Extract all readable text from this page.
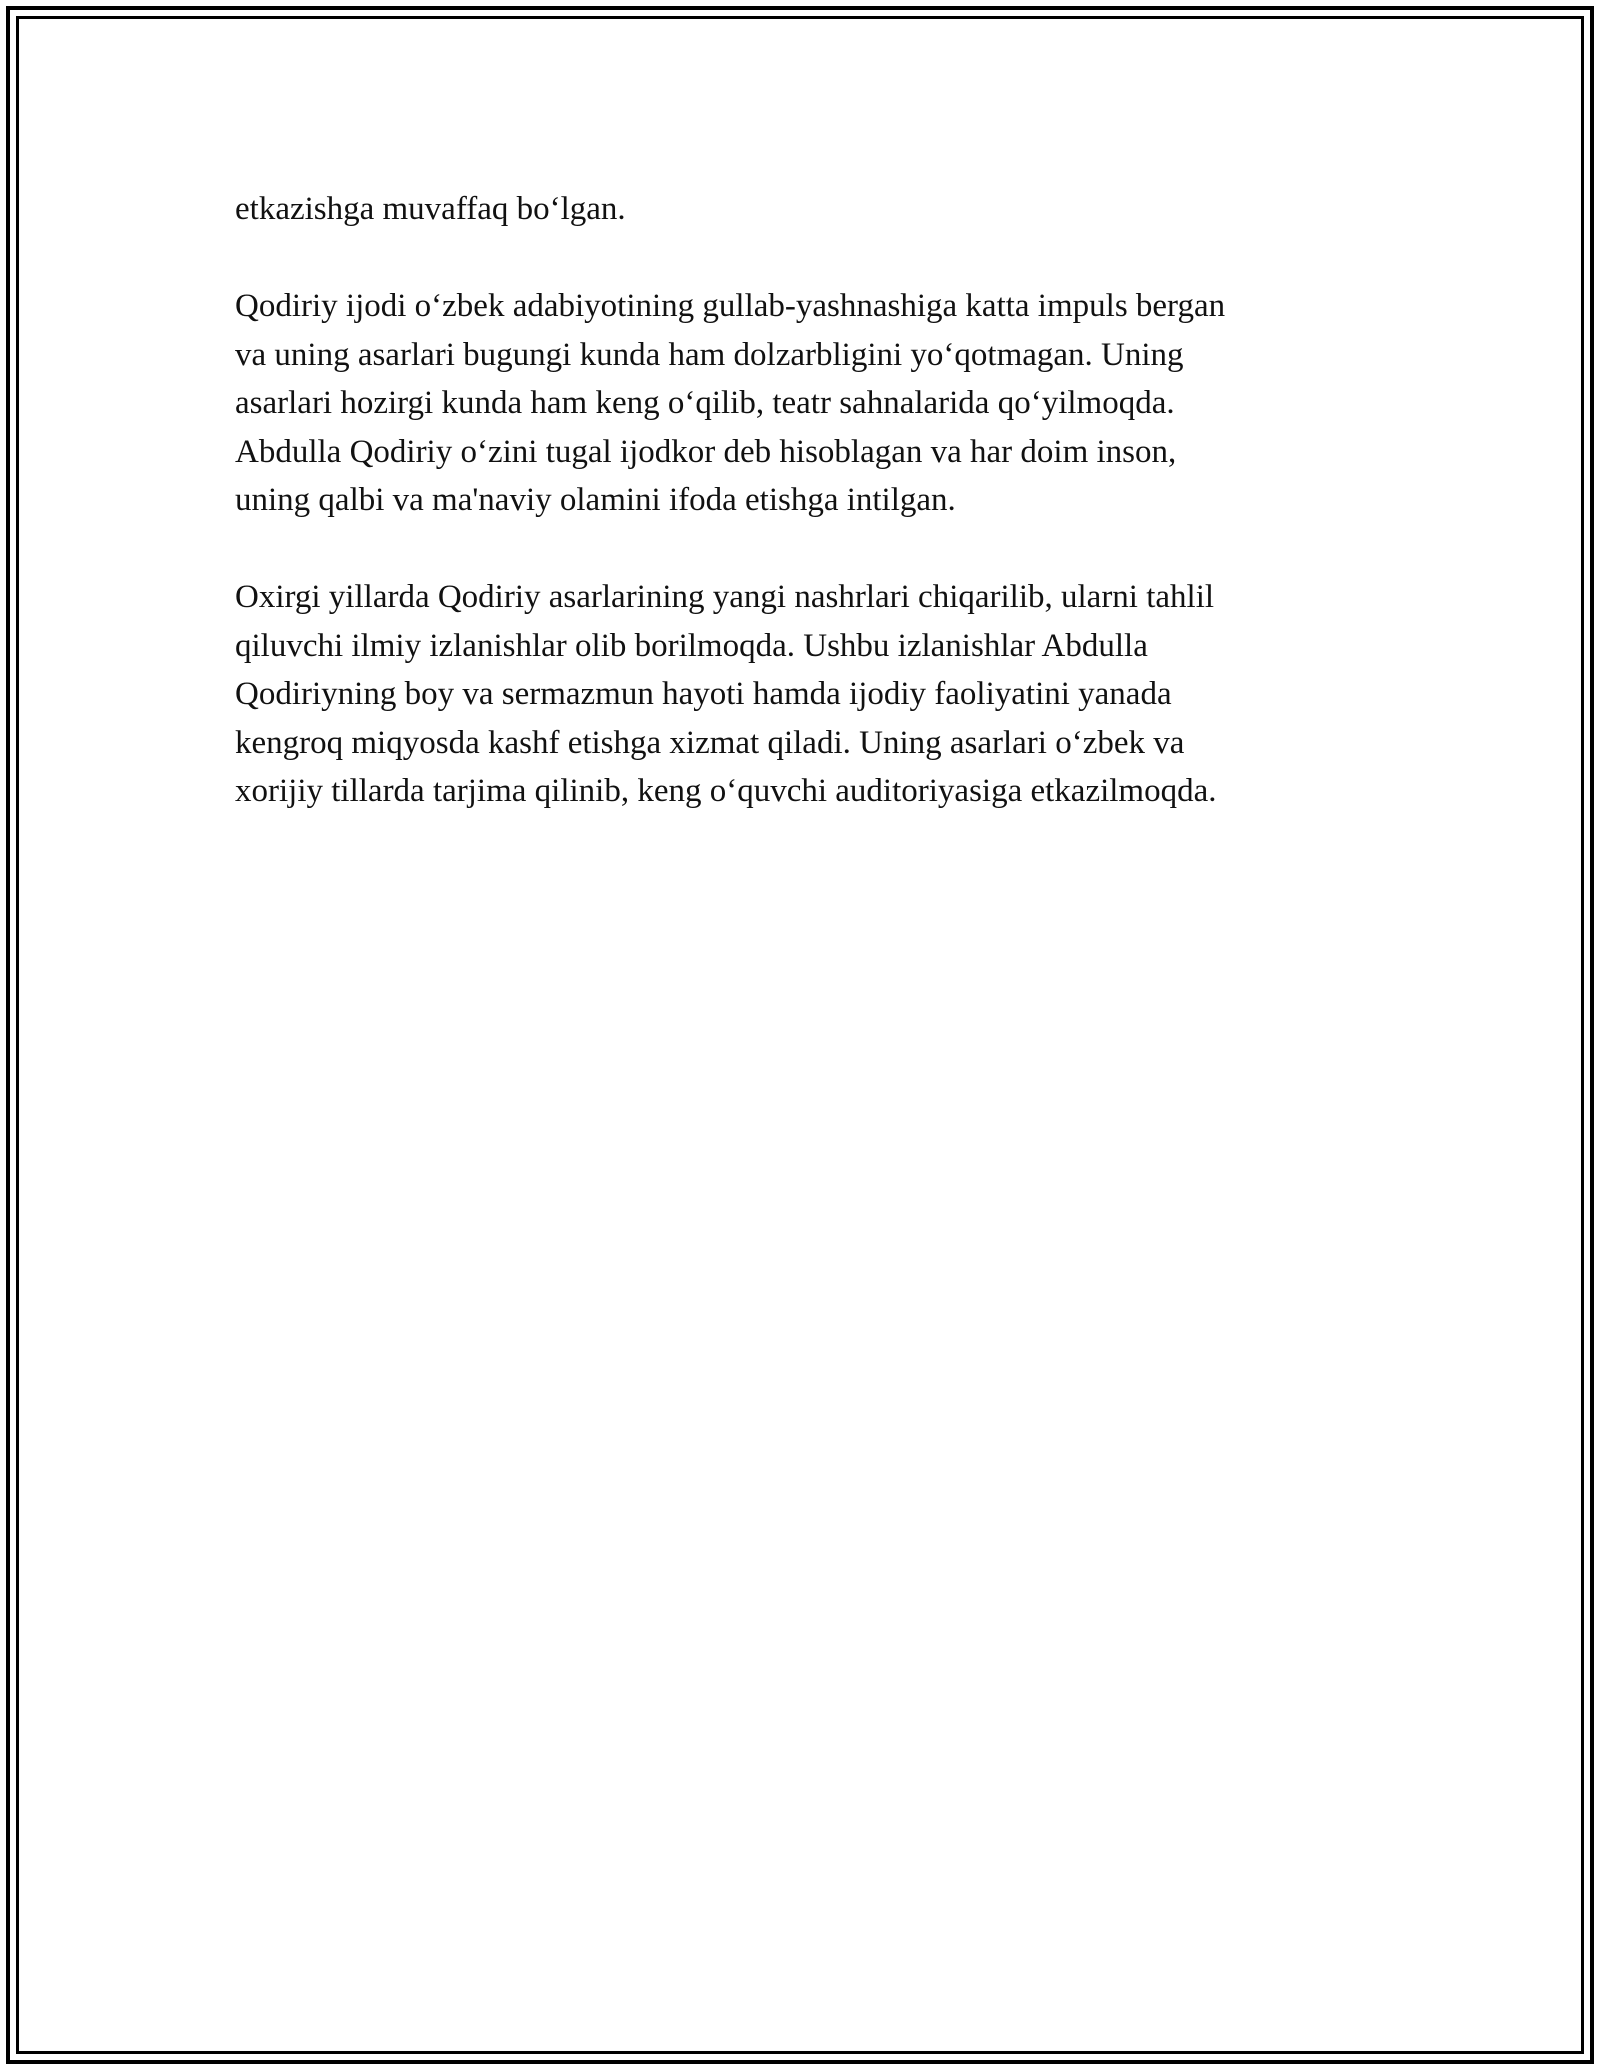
etkazishga muvaffaq bo‘lgan.

Qodiriy ijodi o‘zbek adabiyotining gullab-yashnashiga katta impuls bergan
va uning asarlari bugungi kunda ham dolzarbligini yo‘qotmagan. Uning
asarlari hozirgi kunda ham keng o‘qilib, teatr sahnalarida qo‘yilmoqda.
Abdulla Qodiriy o‘zini tugal ijodkor deb hisoblagan va har doim inson,
uning qalbi va ma'naviy olamini ifoda etishga intilgan.

Oxirgi yillarda Qodiriy asarlarining yangi nashrlari chiqarilib, ularni tahlil
qiluvchi ilmiy izlanishlar olib borilmoqda. Ushbu izlanishlar Abdulla
Qodiriyning boy va sermazmun hayoti hamda ijodiy faoliyatini yanada
kengroq miqyosda kashf etishga xizmat qiladi. Uning asarlari o‘zbek va
xorijiy tillarda tarjima qilinib, keng o‘quvchi auditoriyasiga etkazilmoqda.
